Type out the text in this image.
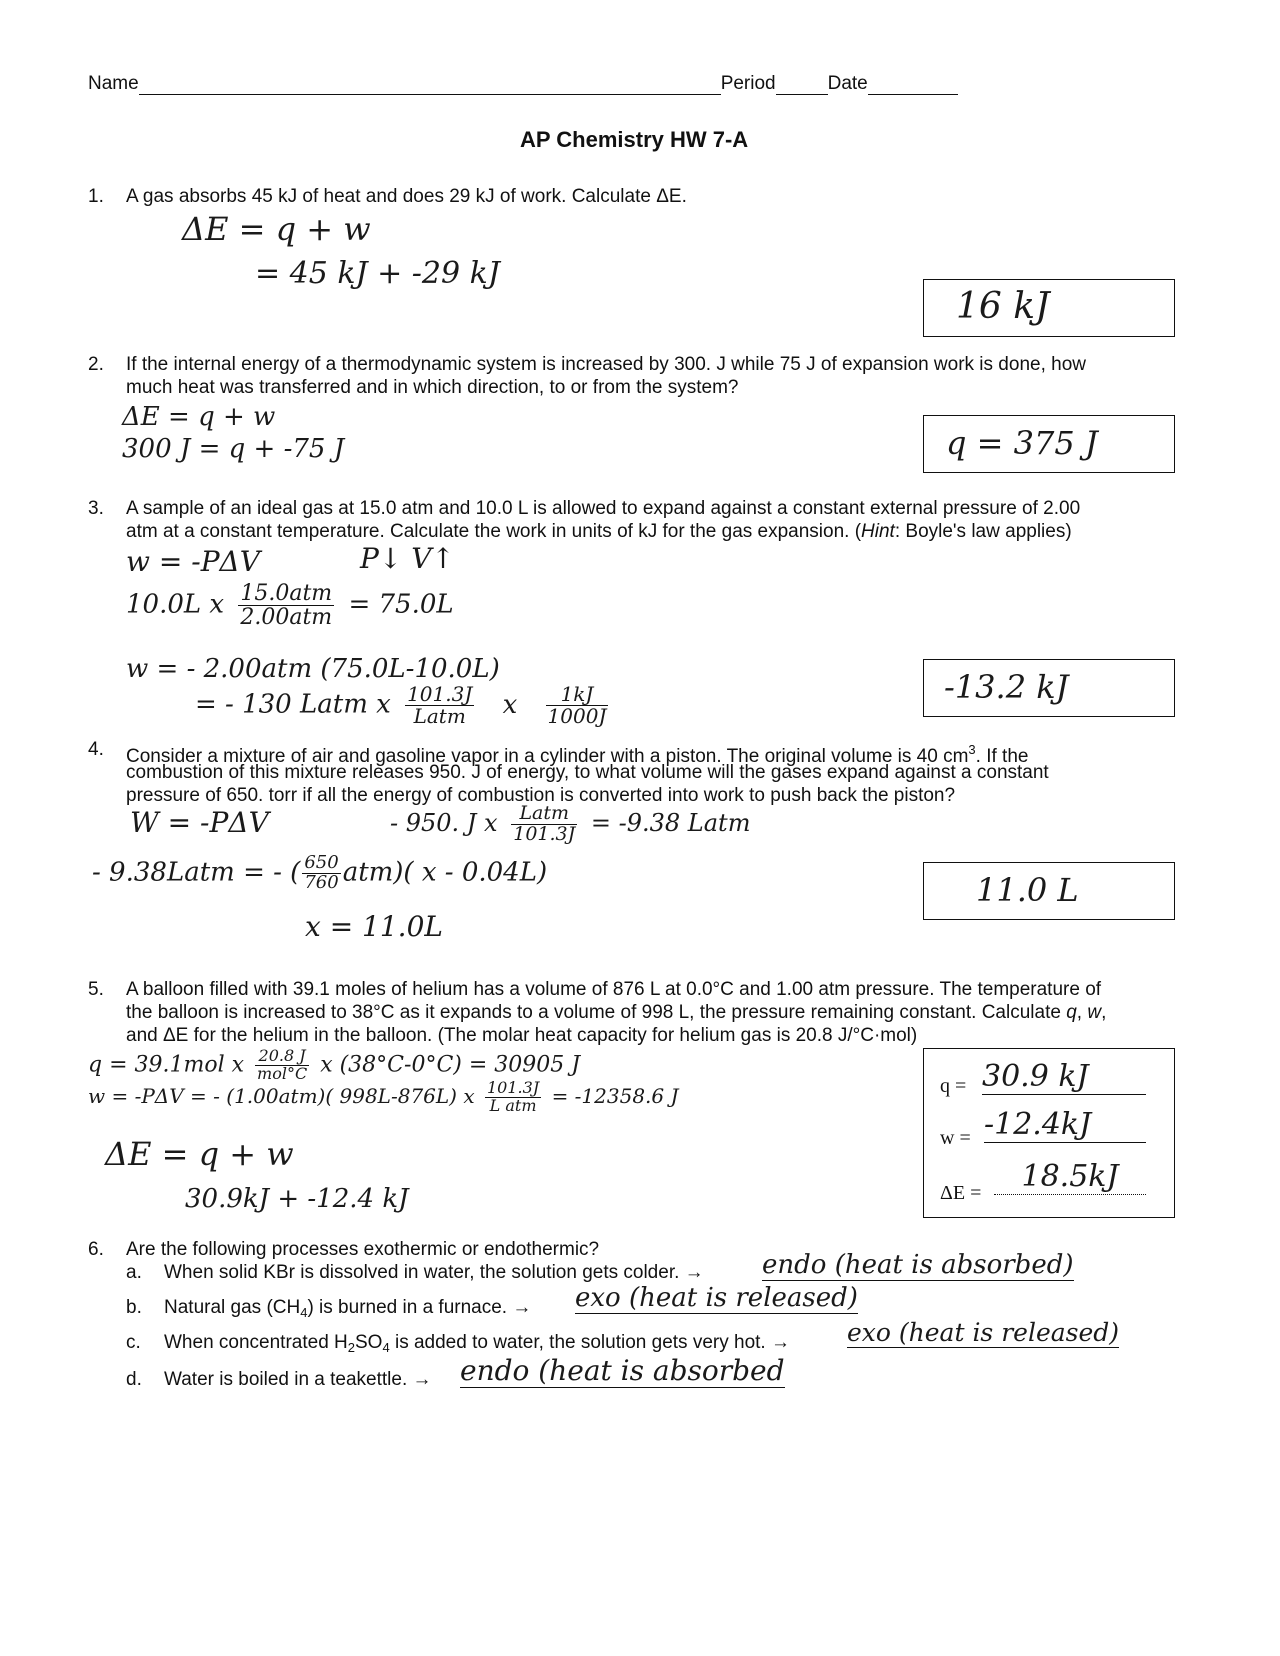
Name	Period	Date
AP Chemistry HW 7-A
1. A gas absorbs 45 kJ of heat and does 29 kJ of work. Calculate ΔE.
ΔE = q + w
= 45 kJ + -29 kJ
16 kJ
2. If the internal energy of a thermodynamic system is increased by 300. J while 75 J of expansion work is done, how
much heat was transferred and in which direction, to or from the system?
ΔE = q + w
300 J = q + -75 J	q = 375 J
3. A sample of an ideal gas at 15.0 atm and 10.0 L is allowed to expand against a constant external pressure of 2.00
atm at a constant temperature. Calculate the work in units of kJ for the gas expansion. (Hint: Boyle's law applies)
w = -PΔV	P↓ V↑
10.0L x $\frac{\text{15.0atm}}{\text{2.00atm}} = 75.0L$
w = - 2.00atm (75.0L-10.0L)
= - 130 Latm x $\frac{101.3J}{\text{Latm}}$ x $\frac{1kJ}{1000J}$	-13.2 kJ
4. Consider a mixture of air and gasoline vapor in a cylinder with a piston. The original volume is 40 $cm^3$. If the
combustion of this mixture releases 950. J of energy, to what volume will the gases expand against a constant
pressure of 650. torr if all the energy of combustion is converted into work to push back the piston?
W = -PΔV	- 950. J x $\frac{\text{Latm}}{101.3J} = -9.38$ Latm
- 9.38Latm = - ( $\frac{650}{760} atm$)( x - 0.04L)
x = 11.0L
11.0 L
5. A balloon filled with 39.1 moles of helium has a volume of 876 L at 0.0°C and 1.00 atm pressure. The temperature of
the balloon is increased to 38°C as it expands to a volume of 998 L, the pressure remaining constant. Calculate q, w,
and ΔE for the helium in the balloon. (The molar heat capacity for helium gas is 20.8 J/°C·mol)
q = 39.1mol x $\frac{20.8 J}{\text{mol°C}}$ x (38°C-0°C) = 30905 J
w = -PΔV = - (1.00atm)( 998L-876L) x $\frac{101.3J}{\text{L atm}} = -12358.6$ J
ΔE = q + w
30.9kJ + -12.4 kJ
q = 30.9 kJ
w = -12.4kJ
ΔE =	18.5kJ
6. Are the following processes exothermic or endothermic?
a. When solid KBr is dissolved in water, the solution gets colder. → endo (heat is absorbed)
b. Natural gas $(CH_4)$ is burned in a furnace. → exo (heat is released)
c. When concentrated $H_2SO_4$ is added to water, the solution gets very hot. → exo (heat is released)
d. Water is boiled in a teakettle. → endo (heat is absorbed
